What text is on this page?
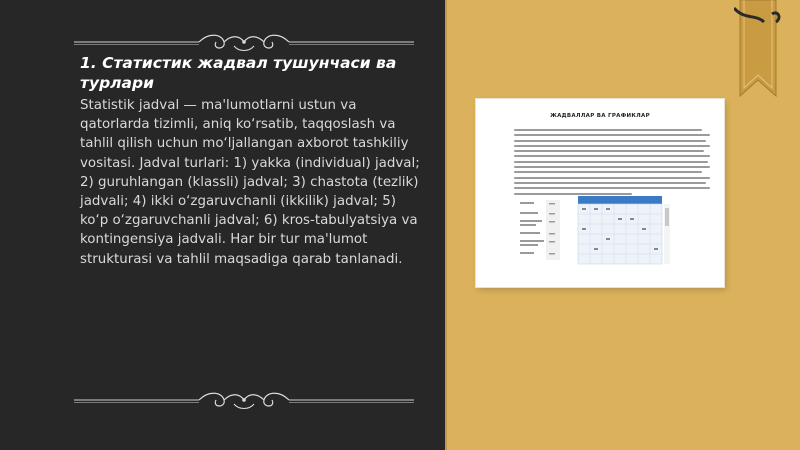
1. Статистик жадвал тушунчаси ва турлари
Statistik jadval — ma'lumotlarni ustun va qatorlarda tizimli, aniq ko‘rsatib, taqqoslash va tahlil qilish uchun mo‘ljallangan axborot tashkiliy vositasi. Jadval turlari: 1) yakka (individual) jadval; 2) guruhlangan (klassli) jadval; 3) chastota (tezlik) jadvali; 4) ikki o‘zgaruvchanli (ikkilik) jadval; 5) ko‘p o‘zgaruvchanli jadval; 6) kros-tabulyatsiya va kontingensiya jadvali. Har bir tur ma'lumot strukturasi va tahlil maqsadiga qarab tanlanadi.
ЖАДВАЛЛАР ВА ГРАФИКЛАР
